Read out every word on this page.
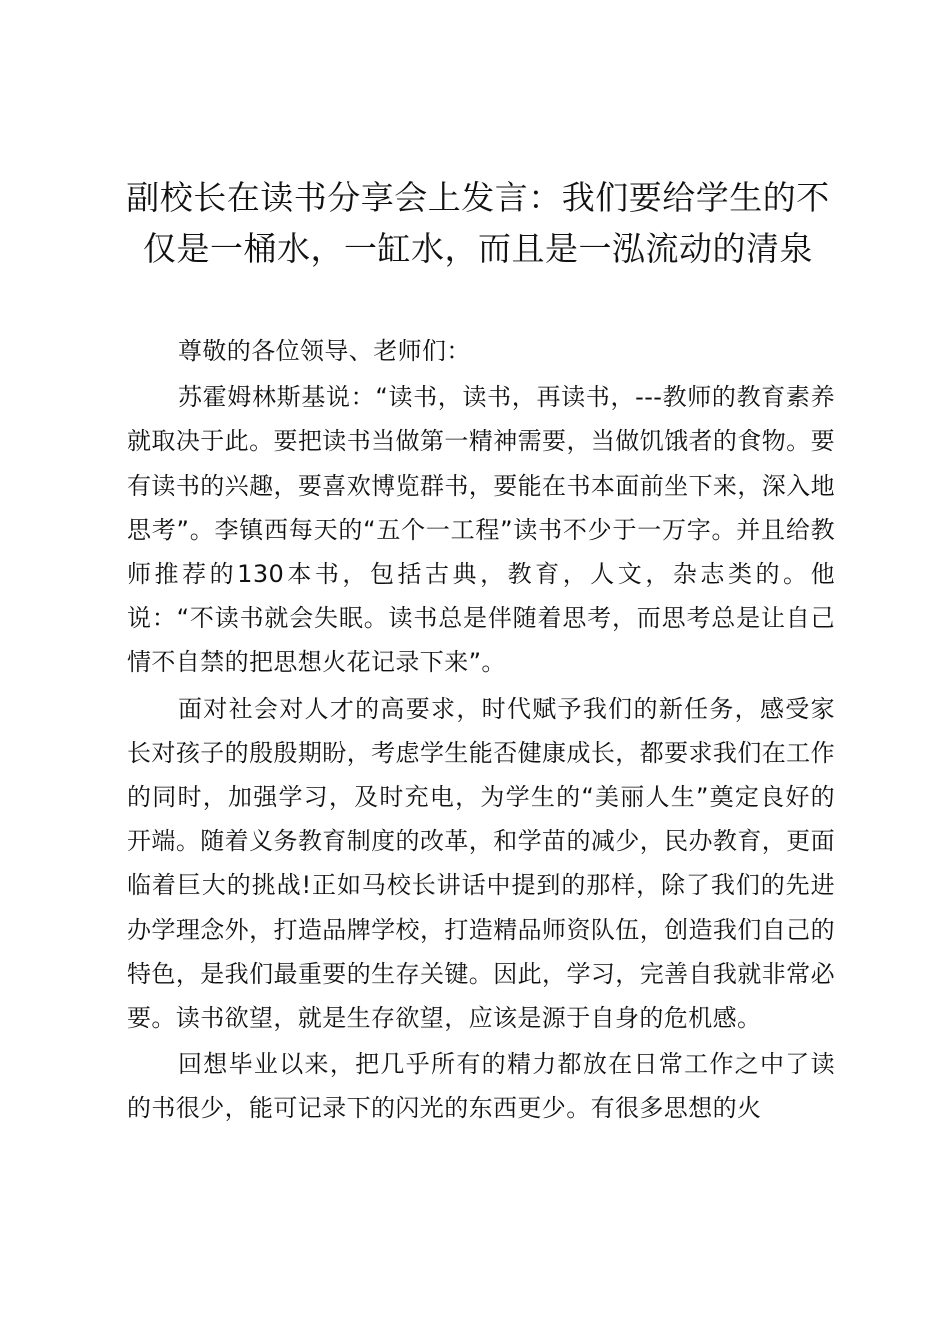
副校长在读书分享会上发言：我们要给学生的不仅是一桶水，一缸水，而且是一泓流动的清泉

尊敬的各位领导、老师们：

苏霍姆林斯基说：“读书，读书，再读书，---教师的教育素养就取决于此。要把读书当做第一精神需要，当做饥饿者的食物。要有读书的兴趣，要喜欢博览群书，要能在书本面前坐下来，深入地思考”。李镇西每天的“五个一工程”读书不少于一万字。并且给教师推荐的130本书，包括古典，教育，人文，杂志类的。他说：“不读书就会失眠。读书总是伴随着思考，而思考总是让自己情不自禁的把思想火花记录下来”。

面对社会对人才的高要求，时代赋予我们的新任务，感受家长对孩子的殷殷期盼，考虑学生能否健康成长，都要求我们在工作的同时，加强学习，及时充电，为学生的“美丽人生”奠定良好的开端。随着义务教育制度的改革，和学苗的减少，民办教育，更面临着巨大的挑战!正如马校长讲话中提到的那样，除了我们的先进办学理念外，打造品牌学校，打造精品师资队伍，创造我们自己的特色，是我们最重要的生存关键。因此，学习，完善自我就非常必要。读书欲望，就是生存欲望，应该是源于自身的危机感。

回想毕业以来，把几乎所有的精力都放在日常工作之中了读的书很少，能可记录下的闪光的东西更少。有很多思想的火
